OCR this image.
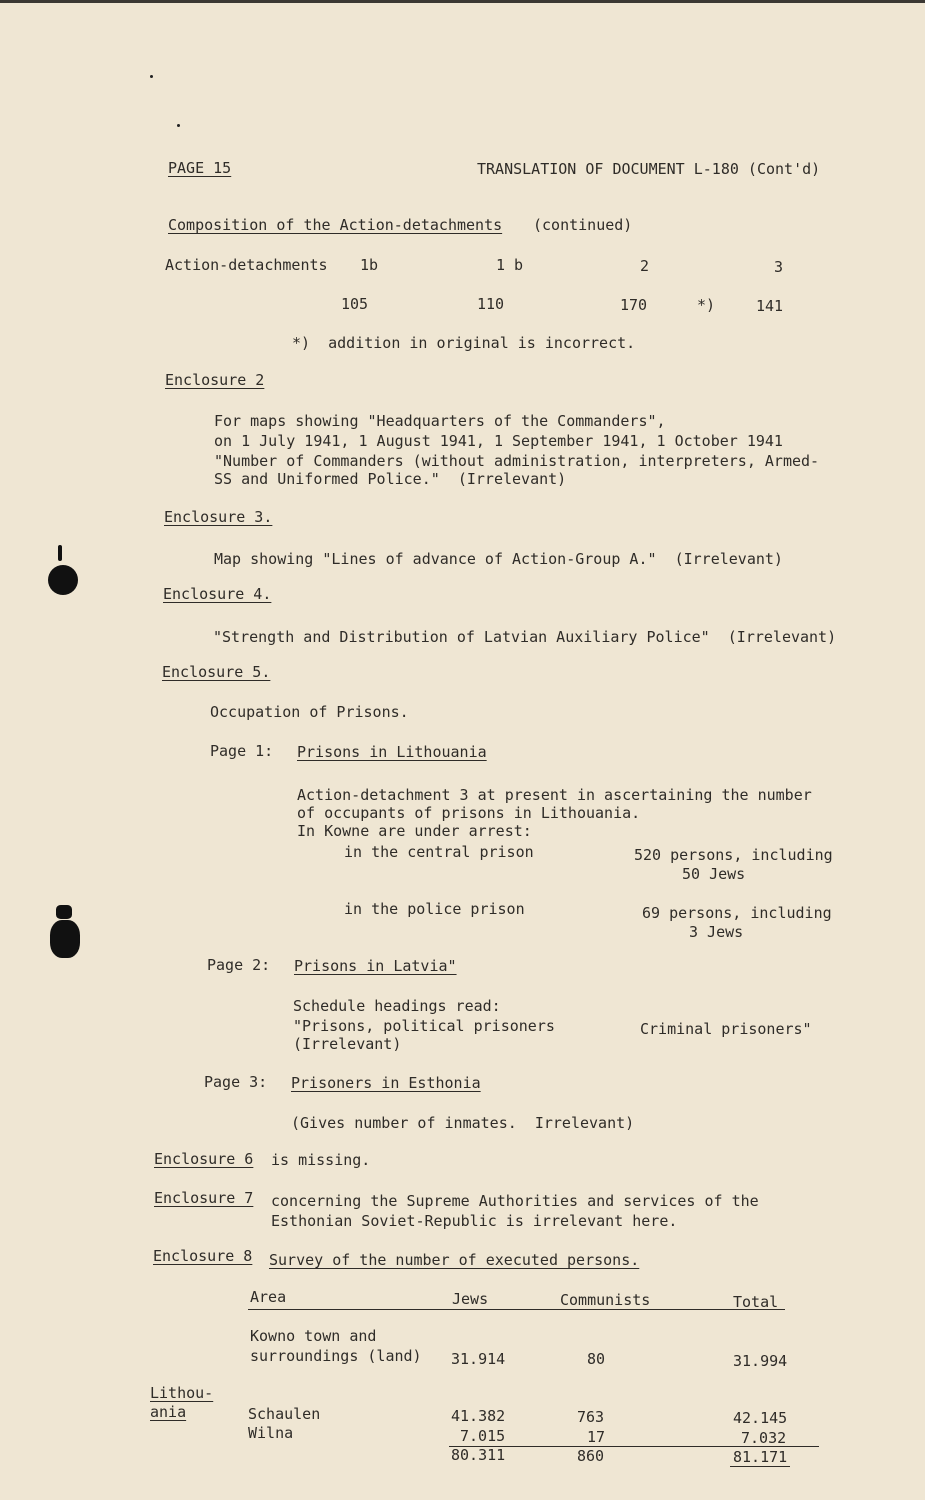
PAGE 15	TRANSLATION OF DOCUMENT L-180 (Cont'd)
Composition of the Action-detachments (continued)
Action-detachments 1b	1 b	2	3
105	110	170	*)	141
*)  addition in original is incorrect.
Enclosure 2
For maps showing "Headquarters of the Commanders",
on 1 July 1941, 1 August 1941, 1 September 1941, 1 October 1941
"Number of Commanders (without administration, interpreters, Armed-
SS and Uniformed Police."  (Irrelevant)
Enclosure 3.
Map showing "Lines of advance of Action-Group A."  (Irrelevant)
Enclosure 4.
"Strength and Distribution of Latvian Auxiliary Police"  (Irrelevant)
Enclosure 5.
Occupation of Prisons.
Page 1: Prisons in Lithouania
Action-detachment 3 at present in ascertaining the number
of occupants of prisons in Lithouania.
In Kowne are under arrest:
in the central prison	520 persons, including
50 Jews
in the police prison	69 persons, including
3 Jews
Page 2: Prisons in Latvia"
Schedule headings read:
"Prisons, political prisoners	Criminal prisoners"
(Irrelevant)
Page 3: Prisoners in Esthonia
(Gives number of inmates.  Irrelevant)
Enclosure 6 is missing.
Enclosure 7 concerning the Supreme Authorities and services of the
Esthonian Soviet-Republic is irrelevant here.
Enclosure 8 Survey of the number of executed persons.
Area	Jews	Communists	Total
Kowno town and
surroundings (land) 31.914	80	31.994
Lithou-
ania	Schaulen	41.382	763	42.145
Wilna	7.015	17	7.032
80.311	860	81.171
